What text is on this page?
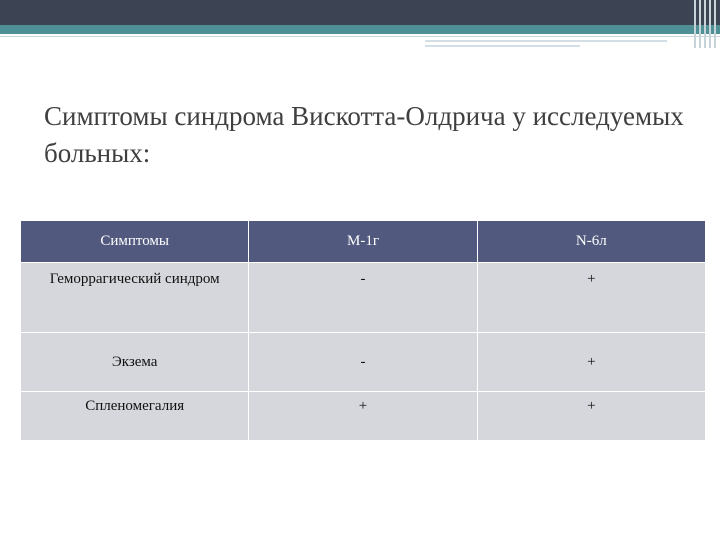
Симптомы синдрома Вискотта-Олдрича у исследуемых больных:
Симптомы	М-1г	N-6л
Геморрагический синдром	-	+
Экзема	-	+
Спленомегалия	+	+
